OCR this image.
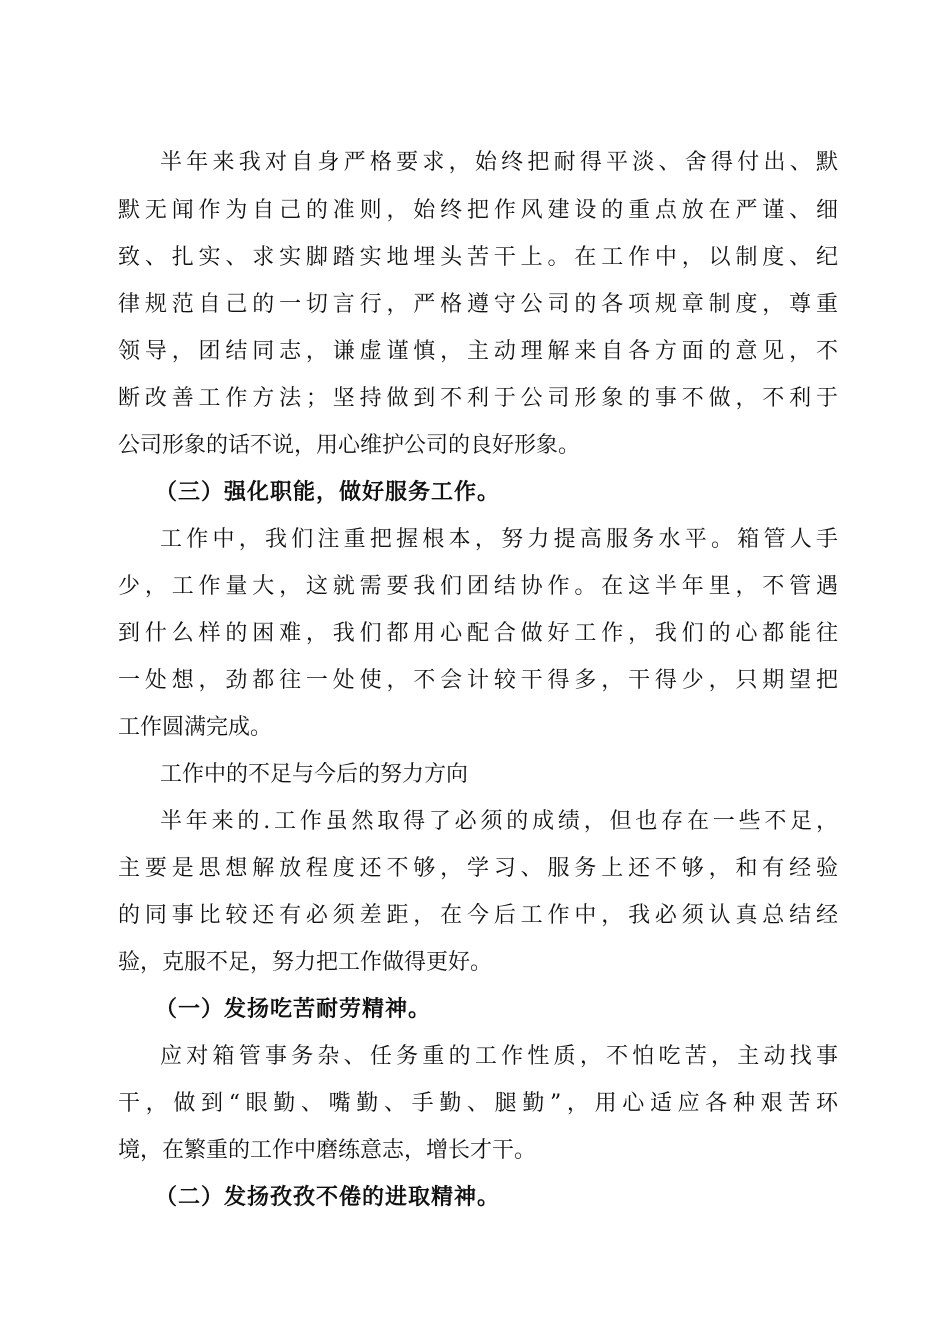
半年来我对自身严格要求，始终把耐得平淡、舍得付出、默
默无闻作为自己的准则，始终把作风建设的重点放在严谨、细
致、扎实、求实脚踏实地埋头苦干上。在工作中，以制度、纪
律规范自己的一切言行，严格遵守公司的各项规章制度，尊重
领导，团结同志，谦虚谨慎，主动理解来自各方面的意见，不
断改善工作方法；坚持做到不利于公司形象的事不做，不利于
公司形象的话不说，用心维护公司的良好形象。
（三）强化职能，做好服务工作。
工作中，我们注重把握根本，努力提高服务水平。箱管人手
少，工作量大，这就需要我们团结协作。在这半年里，不管遇
到什么样的困难，我们都用心配合做好工作，我们的心都能往
一处想，劲都往一处使，不会计较干得多，干得少，只期望把
工作圆满完成。
工作中的不足与今后的努力方向
半年来的.工作虽然取得了必须的成绩，但也存在一些不足，
主要是思想解放程度还不够，学习、服务上还不够，和有经验
的同事比较还有必须差距，在今后工作中，我必须认真总结经
验，克服不足，努力把工作做得更好。
（一）发扬吃苦耐劳精神。
应对箱管事务杂、任务重的工作性质，不怕吃苦，主动找事
干，做到“眼勤、嘴勤、手勤、腿勤”，用心适应各种艰苦环
境，在繁重的工作中磨练意志，增长才干。
（二）发扬孜孜不倦的进取精神。
